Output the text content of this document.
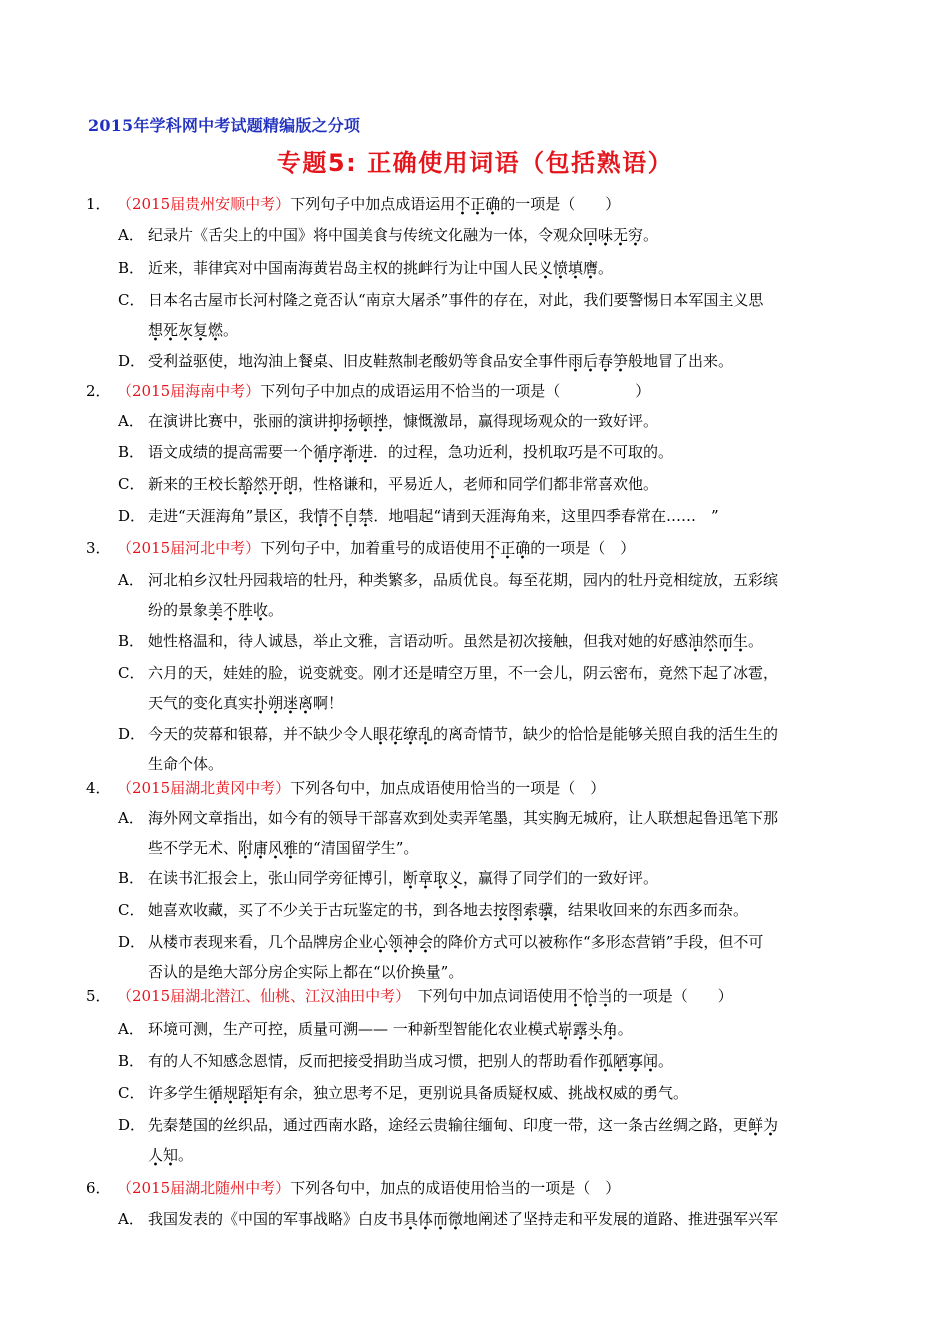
2015年学科网中考试题精编版之分项
专题5: 正确使用词语（包括熟语）
1． （2015届贵州安顺中考）下列句子中加点成语运用不正确的一项是（　　）
A． 纪录片《舌尖上的中国》将中国美食与传统文化融为一体，令观众回味无穷。
B． 近来，菲律宾对中国南海黄岩岛主权的挑衅行为让中国人民义愤填膺。
C． 日本名古屋市长河村隆之竟否认“南京大屠杀”事件的存在，对此，我们要警惕日本军国主义思
想死灰复燃。
D． 受利益驱使，地沟油上餐桌、旧皮鞋熬制老酸奶等食品安全事件雨后春笋般地冒了出来。
2． （2015届海南中考）下列句子中加点的成语运用不恰当的一项是（　　　　　）
A． 在演讲比赛中，张丽的演讲抑扬顿挫，慷慨激昂，赢得现场观众的一致好评。
B． 语文成绩的提高需要一个循序渐进．的过程，急功近利，投机取巧是不可取的。
C． 新来的王校长豁然开朗，性格谦和，平易近人，老师和同学们都非常喜欢他。
D． 走进“天涯海角”景区，我情不自禁．地唱起“请到天涯海角来，这里四季春常在……　”
3． （2015届河北中考）下列句子中，加着重号的成语使用不正确的一项是（　）
A． 河北柏乡汉牡丹园栽培的牡丹，种类繁多，品质优良。每至花期，园内的牡丹竞相绽放，五彩缤
纷的景象美不胜收。
B． 她性格温和，待人诚恳，举止文雅，言语动听。虽然是初次接触，但我对她的好感油然而生。
C． 六月的天，娃娃的脸，说变就变。刚才还是晴空万里，不一会儿，阴云密布，竟然下起了冰雹，
天气的变化真实扑朔迷离啊！
D． 今天的荧幕和银幕，并不缺少令人眼花缭乱的离奇情节，缺少的恰恰是能够关照自我的活生生的
生命个体。
4． （2015届湖北黄冈中考）下列各句中，加点成语使用恰当的一项是（　）
A． 海外网文章指出，如今有的领导干部喜欢到处卖弄笔墨，其实胸无城府，让人联想起鲁迅笔下那
些不学无术、附庸风雅的“清国留学生”。
B． 在读书汇报会上，张山同学旁征博引，断章取义，赢得了同学们的一致好评。
C． 她喜欢收藏，买了不少关于古玩鉴定的书，到各地去按图索骥，结果收回来的东西多而杂。
D． 从楼市表现来看，几个品牌房企业心领神会的降价方式可以被称作“多形态营销”手段，但不可
否认的是绝大部分房企实际上都在“以价换量”。
5． （2015届湖北潜江、仙桃、江汉油田中考）　下列句中加点词语使用不恰当的一项是（　　）
A． 环境可测，生产可控，质量可溯—— 一种新型智能化农业模式崭露头角。
B． 有的人不知感念恩情，反而把接受捐助当成习惯，把别人的帮助看作孤陋寡闻。
C． 许多学生循规蹈矩有余，独立思考不足，更别说具备质疑权威、挑战权威的勇气。
D． 先秦楚国的丝织品，通过西南水路，途经云贵输往缅甸、印度一带，这一条古丝绸之路，更鲜为
人知。
6． （2015届湖北随州中考）下列各句中，加点的成语使用恰当的一项是（　）
A． 我国发表的《中国的军事战略》白皮书具体而微地阐述了坚持走和平发展的道路、推进强军兴军
